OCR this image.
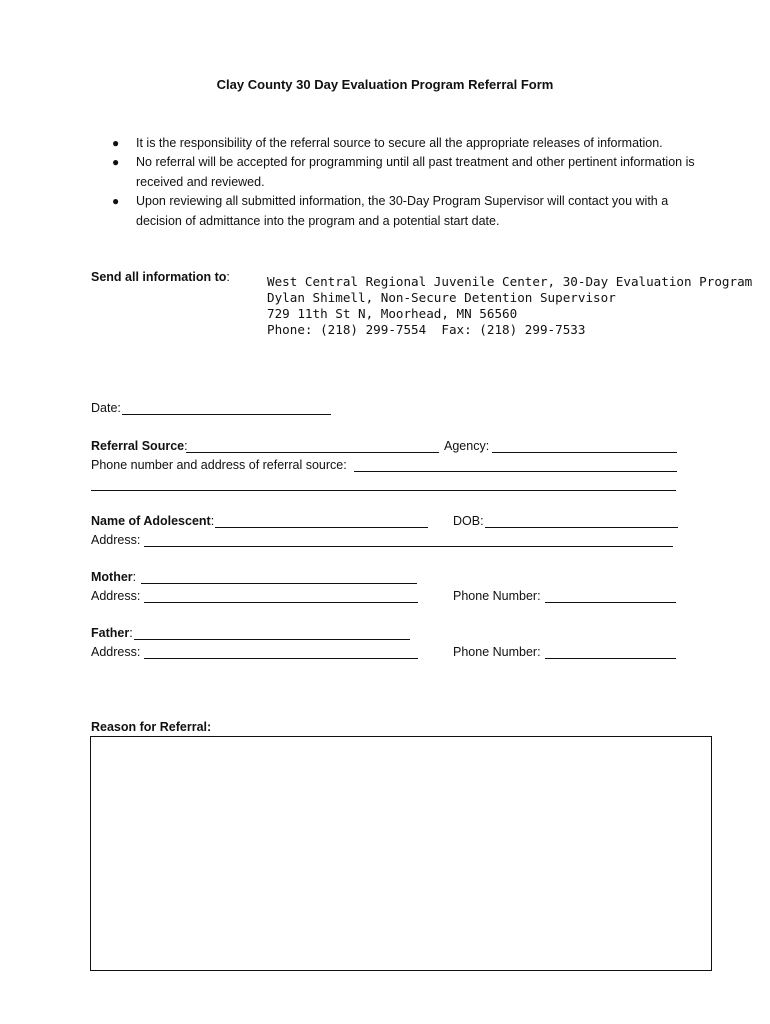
Clay County 30 Day Evaluation Program Referral Form
● It is the responsibility of the referral source to secure all the appropriate releases of information.
● No referral will be accepted for programming until all past treatment and other pertinent information is received and reviewed.
● Upon reviewing all submitted information, the 30-Day Program Supervisor will contact you with a decision of admittance into the program and a potential start date.
Send all information to:	West Central Regional Juvenile Center, 30-Day Evaluation Program
Dylan Shimell, Non-Secure Detention Supervisor
729 11th St N, Moorhead, MN 56560
Phone: (218) 299-7554  Fax: (218) 299-7533
Date:
Referral Source:	Agency:
Phone number and address of referral source:
Name of Adolescent:	DOB:
Address:
Mother:
Address:	Phone Number:
Father:
Address:	Phone Number:
Reason for Referral:
